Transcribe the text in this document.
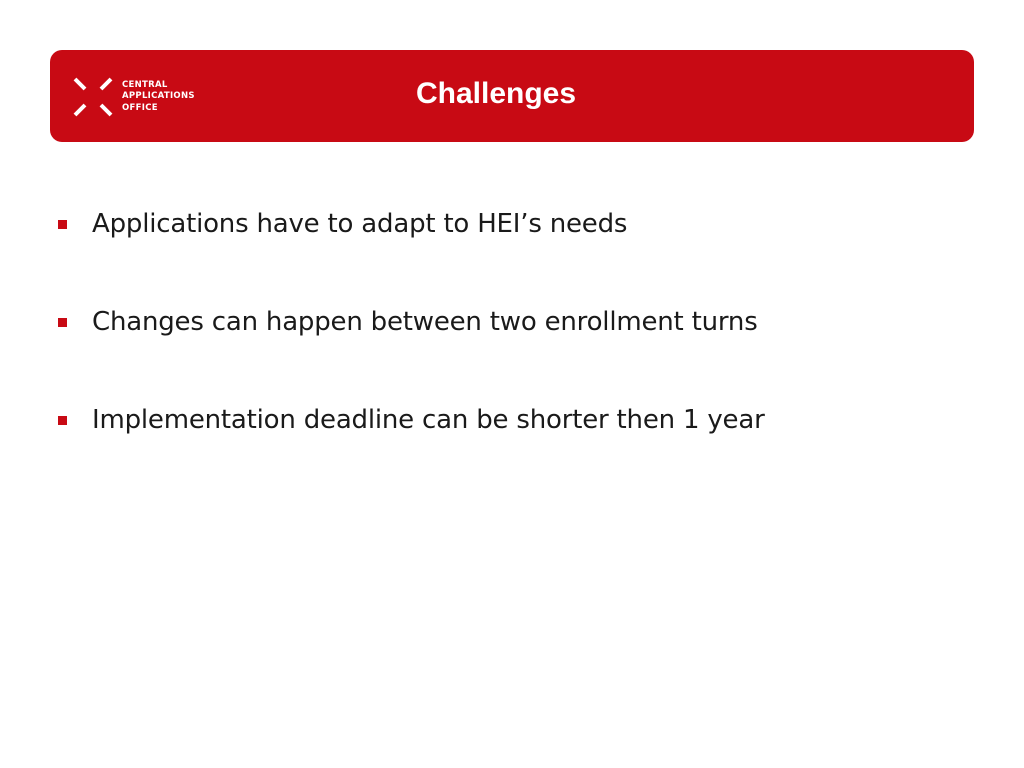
CENTRAL
APPLICATIONS
OFFICE	Challenges
Applications have to adapt to HEI’s needs
Changes can happen between two enrollment turns
Implementation deadline can be shorter then 1 year
